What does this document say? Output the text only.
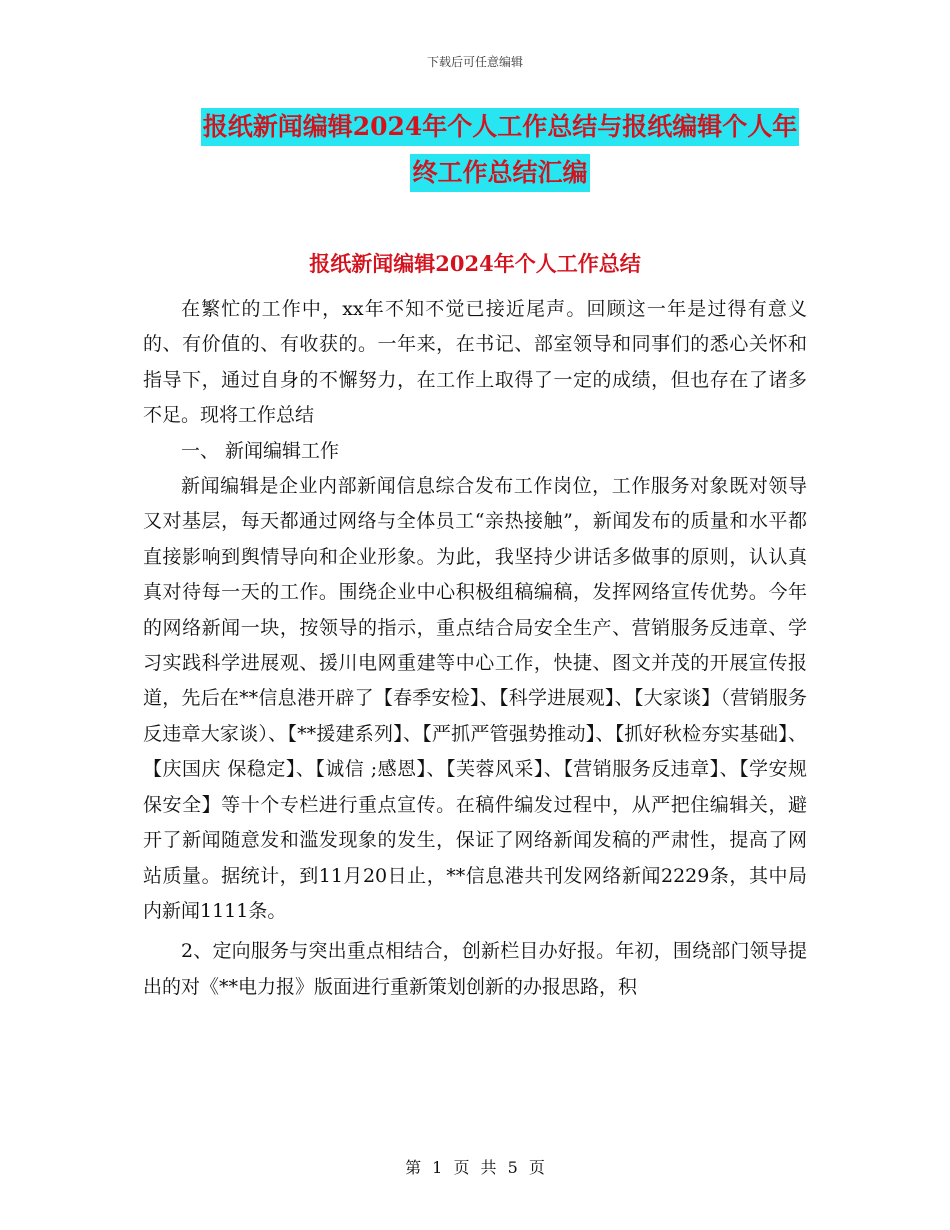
下载后可任意编辑
报纸新闻编辑2024年个人工作总结与报纸编辑个人年
终工作总结汇编
报纸新闻编辑2024年个人工作总结

在繁忙的工作中，xx年不知不觉已接近尾声。回顾这一年是过得有意义的、有价值的、有收获的。一年来，在书记、部室领导和同事们的悉心关怀和指导下，通过自身的不懈努力，在工作上取得了一定的成绩，但也存在了诸多不足。现将工作总结

一、 新闻编辑工作

新闻编辑是企业内部新闻信息综合发布工作岗位，工作服务对象既对领导又对基层，每天都通过网络与全体员工“亲热接触”，新闻发布的质量和水平都直接影响到舆情导向和企业形象。为此，我坚持少讲话多做事的原则，认认真真对待每一天的工作。围绕企业中心积极组稿编稿，发挥网络宣传优势。今年的网络新闻一块，按领导的指示，重点结合局安全生产、营销服务反违章、学习实践科学进展观、援川电网重建等中心工作，快捷、图文并茂的开展宣传报道，先后在**信息港开辟了【春季安检】、【科学进展观】、【大家谈】（营销服务反违章大家谈）、【**援建系列】、【严抓严管强势推动】、【抓好秋检夯实基础】、【庆国庆 保稳定】、【诚信 ;感恩】、【芙蓉风采】、【营销服务反违章】、【学安规保安全】等十个专栏进行重点宣传。在稿件编发过程中，从严把住编辑关，避开了新闻随意发和滥发现象的发生，保证了网络新闻发稿的严肃性，提高了网站质量。据统计，到11月20日止，**信息港共刊发网络新闻2229条，其中局内新闻1111条。

2、定向服务与突出重点相结合，创新栏目办好报。年初，围绕部门领导提出的对《**电力报》版面进行重新策划创新的办报思路，积

第 1 页 共 5 页
